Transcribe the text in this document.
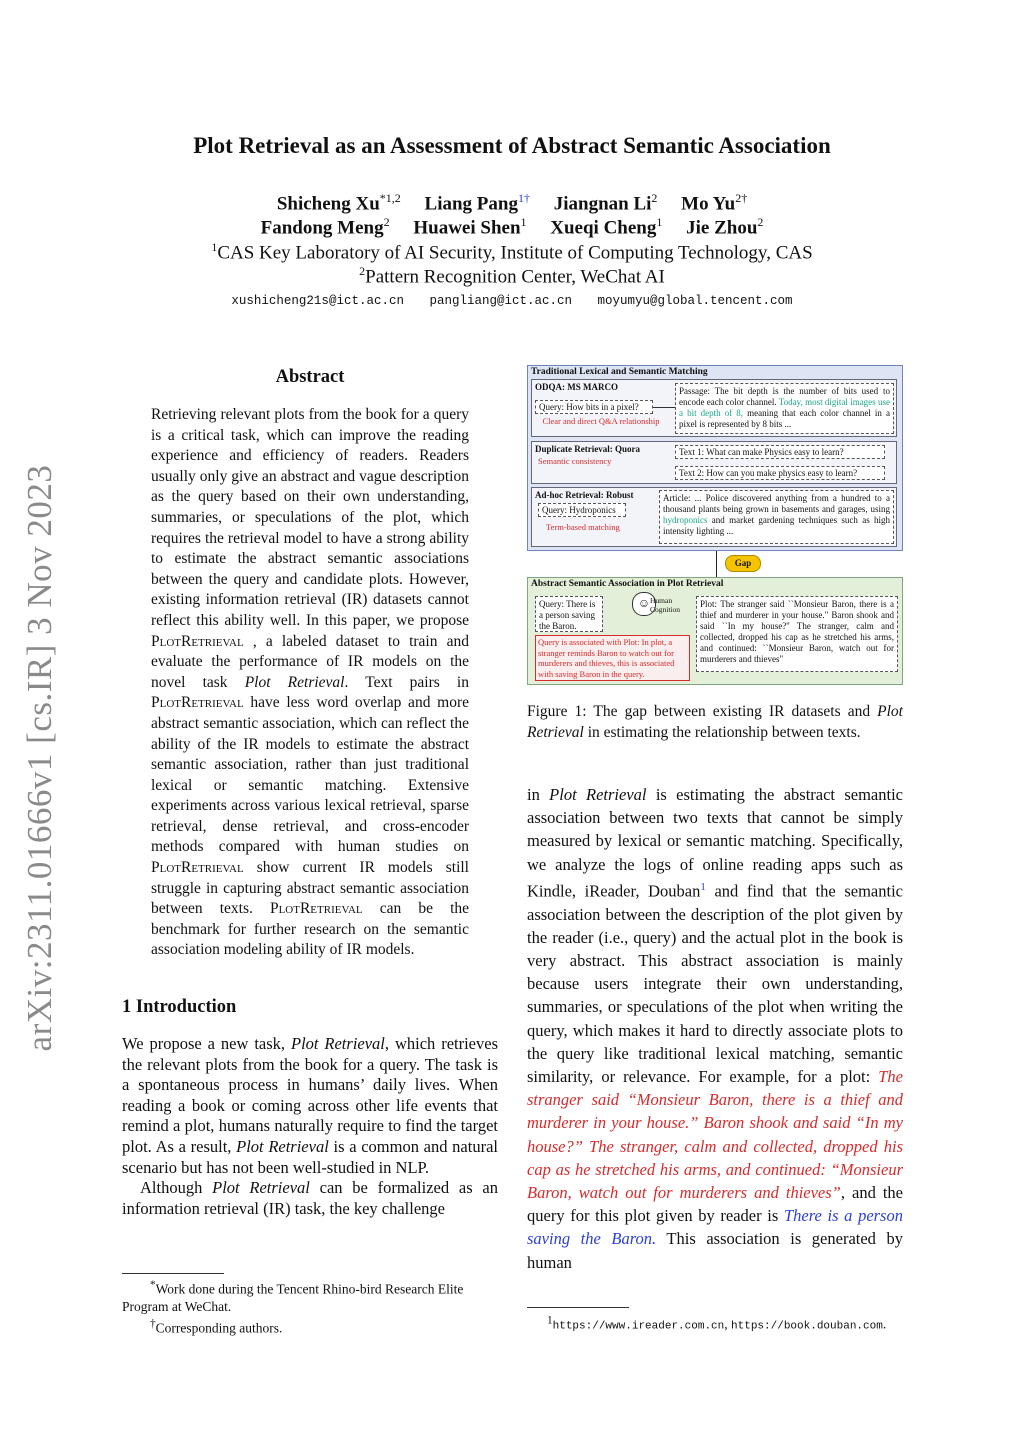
arXiv:2311.01666v1 [cs.IR] 3 Nov 2023
Plot Retrieval as an Assessment of Abstract Semantic Association
Shicheng Xu$^{*1,2}$ Liang Pang$^{1\dagger}$ Jiangnan Li$^2$ Mo $Yu^{2\dagger}$
Fandong Meng$^2$ Huawei Shen$^1$ Xueqi Cheng$^1$ Jie Zhou$^2$
$^1$CAS Key Laboratory of AI Security, Institute of Computing Technology, CAS
$^2$Pattern Recognition Center, WeChat AI
xushicheng21s@ict.ac.cn pangliang@ict.ac.cn moyumyu@global.tencent.com
Abstract
Retrieving relevant plots from the book for a query is a critical task, which can improve the reading experience and efficiency of readers. Readers usually only give an abstract and vague description as the query based on their own understanding, summaries, or speculations of the plot, which requires the retrieval model to have a strong ability to estimate the abstract semantic associations between the query and candidate plots. However, existing information retrieval (IR) datasets cannot reflect this ability well. In this paper, we propose PlotRetrieval , a labeled dataset to train and evaluate the performance of IR models on the novel task Plot Retrieval. Text pairs in PlotRetrieval have less word overlap and more abstract semantic association, which can reflect the ability of the IR models to estimate the abstract semantic association, rather than just traditional lexical or semantic matching. Extensive experiments across various lexical retrieval, sparse retrieval, dense retrieval, and cross-encoder methods compared with human studies on PlotRetrieval show current IR models still struggle in capturing abstract semantic association between texts. PlotRetrieval can be the benchmark for further research on the semantic association modeling ability of IR models.
1 Introduction

We propose a new task, Plot Retrieval, which retrieves the relevant plots from the book for a query. The task is a spontaneous process in humans’ daily lives. When reading a book or coming across other life events that remind a plot, humans naturally require to find the target plot. As a result, Plot Retrieval is a common and natural scenario but has not been well-studied in NLP.

Although Plot Retrieval can be formalized as an information retrieval (IR) task, the key challenge

*Work done during the Tencent Rhino-bird Research Elite Program at WeChat.
†Corresponding authors.
Traditional Lexical and Semantic Matching
ODQA: MS MARCO
Query: How bits in a pixel?
Clear and direct Q&A relationship
Passage: The bit depth is the number of bits used to encode each color channel. Today, most digital images use a bit depth of 8, meaning that each color channel in a pixel is represented by 8 bits ...
Duplicate Retrieval: Quora
Semantic consistency
Text 1: What can make Physics easy to learn?
Text 2: How can you make physics easy to learn?
Ad-hoc Retrieval: Robust
Query: Hydroponics
Term-based matching
Article: ... Police discovered anything from a hundred to a thousand plants being grown in basements and garages, using hydroponics and market gardening techniques such as high intensity lighting ...
Gap
Abstract Semantic Association in Plot Retrieval
Query: There is a person saving the Baron.
☺ Human Cognition
Plot: The stranger said ``Monsieur Baron, there is a thief and murderer in your house." Baron shook and said ``In my house?" The stranger, calm and collected, dropped his cap as he stretched his arms, and continued: ``Monsieur Baron, watch out for murderers and thieves"
Query is associated with Plot: In plot, a stranger reminds Baron to watch out for murderers and thieves, this is associated with saving Baron in the query.
Figure 1: The gap between existing IR datasets and Plot Retrieval in estimating the relationship between texts.
in Plot Retrieval is estimating the abstract semantic association between two texts that cannot be simply measured by lexical or semantic matching. Specifically, we analyze the logs of online reading apps such as Kindle, iReader, Douban$^1$ and find that the semantic association between the description of the plot given by the reader (i.e., query) and the actual plot in the book is very abstract. This abstract association is mainly because users integrate their own understanding, summaries, or speculations of the plot when writing the query, which makes it hard to directly associate plots to the query like traditional lexical matching, semantic similarity, or relevance. For example, for a plot: The stranger said “Monsieur Baron, there is a thief and murderer in your house.” Baron shook and said “In my house?” The stranger, calm and collected, dropped his cap as he stretched his arms, and continued: “Monsieur Baron, watch out for murderers and thieves”, and the query for this plot given by reader is There is a person saving the Baron. This association is generated by human
$^1$https://www.ireader.com.cn, https://book.douban.com.
